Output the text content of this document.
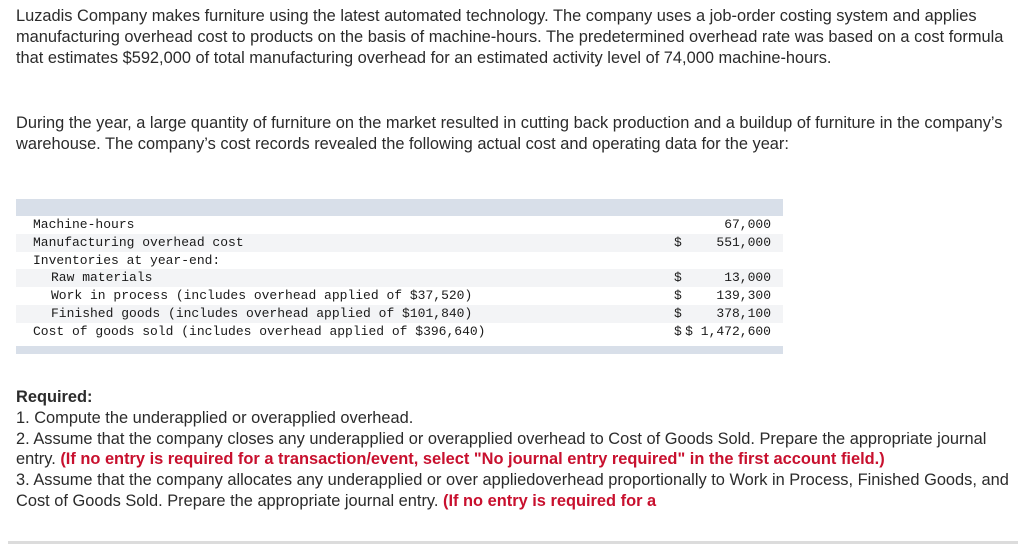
Luzadis Company makes furniture using the latest automated technology. The company uses a job-order costing system and applies manufacturing overhead cost to products on the basis of machine-hours. The predetermined overhead rate was based on a cost formula that estimates $592,000 of total manufacturing overhead for an estimated activity level of 74,000 machine-hours.

During the year, a large quantity of furniture on the market resulted in cutting back production and a buildup of furniture in the company’s warehouse. The company’s cost records revealed the following actual cost and operating data for the year:

Machine-hours	67,000
Manufacturing overhead cost	$	551,000
Inventories at year-end:
Raw materials	$	13,000
Work in process (includes overhead applied of $37,520)	$	139,300
Finished goods (includes overhead applied of $101,840)	$	378,100
Cost of goods sold (includes overhead applied of $396,640)	$ $ 1,472,600

Required:

1. Compute the underapplied or overapplied overhead.

2. Assume that the company closes any underapplied or overapplied overhead to Cost of Goods Sold. Prepare the appropriate journal entry. (If no entry is required for a transaction/event, select "No journal entry required" in the first account field.)

3. Assume that the company allocates any underapplied or over appliedoverhead proportionally to Work in Process, Finished Goods, and Cost of Goods Sold. Prepare the appropriate journal entry. (If no entry is required for a
